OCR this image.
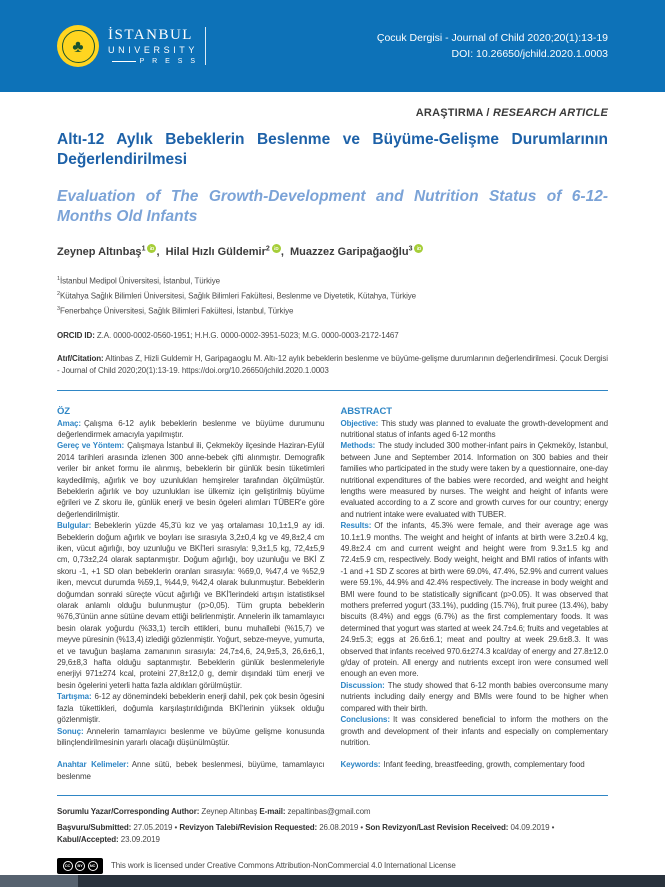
♣
İSTANBUL
UNIVERSITY
P R E S S
Çocuk Dergisi - Journal of Child 2020;20(1):13-19
DOI: 10.26650/jchild.2020.1.0003
ARAŞTIRMA / RESEARCH ARTICLE
Altı-12 Aylık Bebeklerin Beslenme ve Büyüme-Gelişme Durumlarının Değerlendirilmesi
Evaluation of The Growth-Development and Nutrition Status of 6-12-Months Old Infants
Zeynep Altınbaş$^1$ iD ,  Hilal Hızlı Güldemir$^2$ iD ,  Muazzez Garipağaoğlu$^3$ iD
$^1$İstanbul Medipol Üniversitesi, İstanbul, Türkiye
$^2$Kütahya Sağlık Bilimleri Üniversitesi, Sağlık Bilimleri Fakültesi, Beslenme ve Diyetetik, Kütahya, Türkiye
$^3$Fenerbahçe Üniversitesi, Sağlık Bilimleri Fakültesi, İstanbul, Türkiye
ORCID ID: Z.A. 0000-0002-0560-1951; H.H.G. 0000-0002-3951-5023; M.G. 0000-0003-2172-1467
Atıf/Citation: Altinbas Z, Hizli Guldemir H, Garipagaoglu M. Altı-12 aylık bebeklerin beslenme ve büyüme-gelişme durumlarının değerlendirilmesi. Çocuk Dergisi - Journal of Child 2020;20(1):13-19. https://doi.org/10.26650/jchild.2020.1.0003

ÖZ

Amaç: Çalışma 6-12 aylık bebeklerin beslenme ve büyüme durumunu değerlendirmek amacıyla yapılmıştır.

Gereç ve Yöntem: Çalışmaya İstanbul ili, Çekmeköy ilçesinde Haziran-Eylül 2014 tarihleri arasında izlenen 300 anne-bebek çifti alınmıştır. Demografik veriler bir anket formu ile alınmış, bebeklerin bir günlük besin tüketimleri kaydedilmiş, ağırlık ve boy uzunlukları hemşireler tarafından ölçülmüştür. Bebeklerin ağırlık ve boy uzunlukları ise ülkemiz için geliştirilmiş büyüme eğrileri ve Z skoru ile, günlük enerji ve besin ögeleri alımları TÜBER'e göre değerlendirilmiştir.

Bulgular: Bebeklerin yüzde 45,3'ü kız ve yaş ortalaması 10,1±1,9 ay idi. Bebeklerin doğum ağırlık ve boyları ise sırasıyla 3,2±0,4 kg ve 49,8±2,4 cm iken, vücut ağırlığı, boy uzunluğu ve BKİ'leri sırasıyla: 9,3±1,5 kg, 72,4±5,9 cm, 0,73±2,24 olarak saptanmıştır. Doğum ağırlığı, boy uzunluğu ve BKİ Z skoru -1, +1 SD olan bebeklerin oranları sırasıyla: %69,0, %47,4 ve %52,9 iken, mevcut durumda %59,1, %44,9, %42,4 olarak bulunmuştur. Bebeklerin doğumdan sonraki süreçte vücut ağırlığı ve BKİ'lerindeki artışın istatistiksel olarak anlamlı olduğu bulunmuştur (p>0,05). Tüm grupta bebeklerin %76,3'ünün anne sütüne devam ettiği belirlenmiştir. Annelerin ilk tamamlayıcı besin olarak yoğurdu (%33,1) tercih ettikleri, bunu muhallebi (%15,7) ve meyve püresinin (%13,4) izlediği gözlenmiştir. Yoğurt, sebze-meyve, yumurta, et ve tavuğun başlama zamanının sırasıyla: 24,7±4,6, 24,9±5,3, 26,6±6,1, 29,6±8,3 hafta olduğu saptanmıştır. Bebeklerin günlük beslenmeleriyle enerjiyi 971±274 kcal, proteini 27,8±12,0 g, demir dışındaki tüm enerji ve besin ögelerini yeterli hatta fazla aldıkları görülmüştür.

Tartışma: 6-12 ay dönemindeki bebeklerin enerji dahil, pek çok besin ögesini fazla tükettikleri, doğumla karşılaştırıldığında BKİ'lerinin yüksek olduğu gözlenmiştir.

Sonuç: Annelerin tamamlayıcı beslenme ve büyüme gelişme konusunda bilinçlendirilmesinin yararlı olacağı düşünülmüştür.

Anahtar Kelimeler: Anne sütü, bebek beslenmesi, büyüme, tamamlayıcı beslenme

ABSTRACT

Objective: This study was planned to evaluate the growth-development and nutritional status of infants aged 6-12 months

Methods: The study included 300 mother-infant pairs in Çekmeköy, Istanbul, between June and September 2014. Information on 300 babies and their families who participated in the study were taken by a questionnaire, one-day nutritional expenditures of the babies were recorded, and weight and height lengths were measured by nurses. The weight and height of infants were evaluated according to a Z score and growth curves for our country; energy and nutrient intake were evaluated with TUBER.

Results: Of the infants, 45.3% were female, and their average age was 10.1±1.9 months. The weight and height of infants at birth were 3.2±0.4 kg, 49.8±2.4 cm and current weight and height were from 9.3±1.5 kg and 72.4±5.9 cm, respectively. Body weight, height and BMI ratios of infants with -1 and +1 SD Z scores at birth were 69.0%, 47.4%, 52.9% and current values were 59.1%, 44.9% and 42.4% respectively. The increase in body weight and BMI were found to be statistically significant (p>0.05). It was observed that mothers preferred yogurt (33.1%), pudding (15.7%), fruit puree (13.4%), baby biscuits (8.4%) and eggs (6.7%) as the first complementary foods. It was determined that yogurt was started at week 24.7±4.6; fruits and vegetables at 24.9±5.3; eggs at 26.6±6.1; meat and poultry at week 29.6±8.3. It was observed that infants received 970.6±274.3 kcal/day of energy and 27.8±12.0 g/day of protein. All energy and nutrients except iron were consumed well enough an even more.

Discussion: The study showed that 6-12 month babies overconsume many nutrients including daily energy and BMIs were found to be higher when compared with their birth.

Conclusions: It was considered beneficial to inform the mothers on the growth and development of their infants and especially on complementary nutrition.

Keywords: Infant feeding, breastfeeding, growth, complementary food

Sorumlu Yazar/Corresponding Author: Zeynep Altınbaş E-mail: zepaltinbas@gmail.com
Başvuru/Submitted: 27.05.2019 • Revizyon Talebi/Revision Requested: 26.08.2019 • Son Revizyon/Last Revision Received: 04.09.2019 • Kabul/Accepted: 23.09.2019
CC	BY	NC This work is licensed under Creative Commons Attribution-NonCommercial 4.0 International License
